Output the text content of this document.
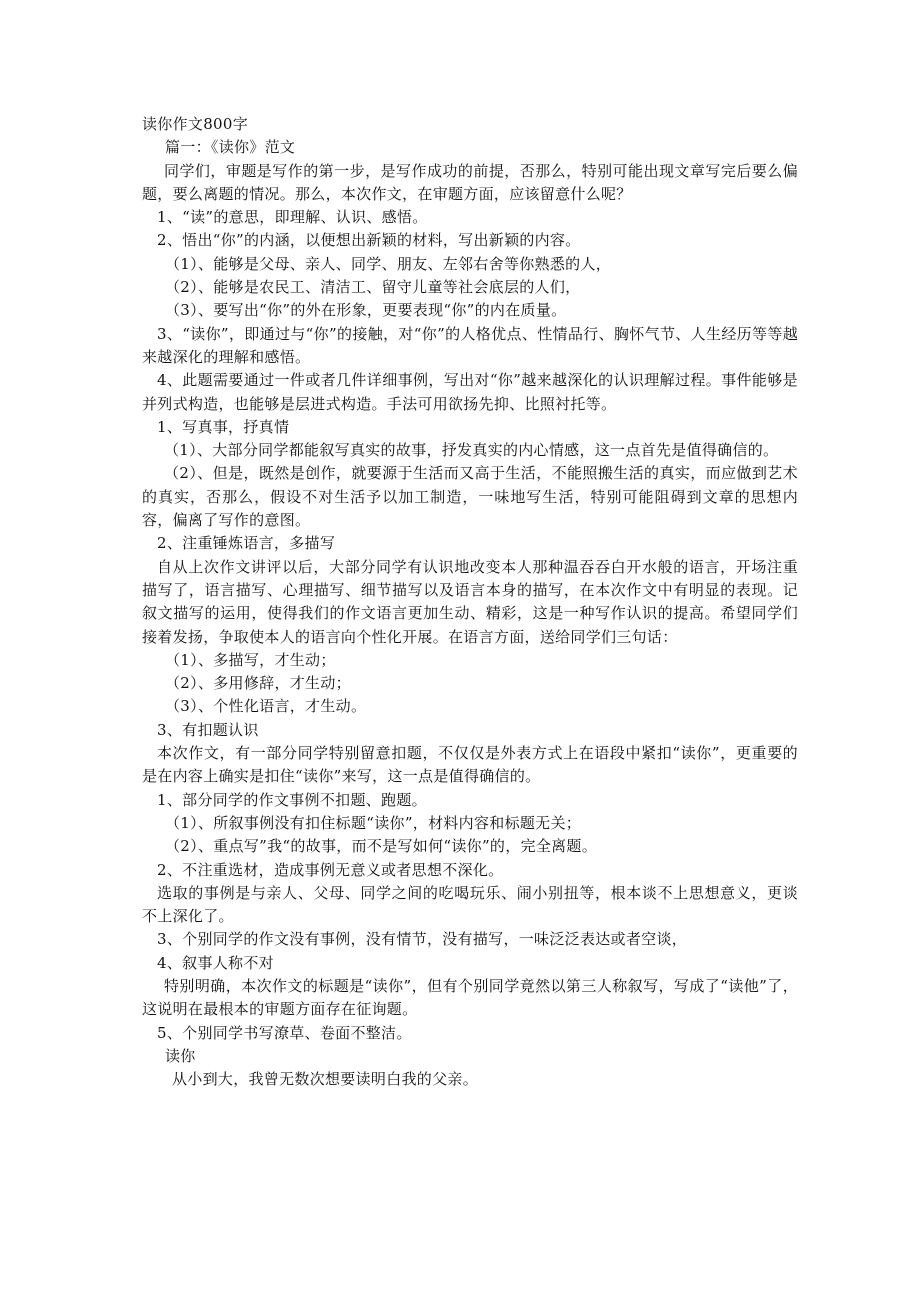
读你作文800字

篇一：《读你》范文

同学们，审题是写作的第一步，是写作成功的前提，否那么，特别可能出现文章写完后要么偏题，要么离题的情况。那么，本次作文，在审题方面，应该留意什么呢？

1、“读”的意思，即理解、认识、感悟。

2、悟出“你”的内涵，以便想出新颖的材料，写出新颖的内容。

（1）、能够是父母、亲人、同学、朋友、左邻右舍等你熟悉的人，

（2）、能够是农民工、清洁工、留守儿童等社会底层的人们，

（3）、要写出“你”的外在形象，更要表现“你”的内在质量。

3、“读你”，即通过与“你”的接触，对“你”的人格优点、性情品行、胸怀气节、人生经历等等越来越深化的理解和感悟。

4、此题需要通过一件或者几件详细事例，写出对“你”越来越深化的认识理解过程。事件能够是并列式构造，也能够是层进式构造。手法可用欲扬先抑、比照衬托等。

1、写真事，抒真情

（1）、大部分同学都能叙写真实的故事，抒发真实的内心情感，这一点首先是值得确信的。

（2）、但是，既然是创作，就要源于生活而又高于生活，不能照搬生活的真实，而应做到艺术的真实，否那么，假设不对生活予以加工制造，一味地写生活，特别可能阻碍到文章的思想内容，偏离了写作的意图。

2、注重锤炼语言，多描写

自从上次作文讲评以后，大部分同学有认识地改变本人那种温吞吞白开水般的语言，开场注重描写了，语言描写、心理描写、细节描写以及语言本身的描写，在本次作文中有明显的表现。记叙文描写的运用，使得我们的作文语言更加生动、精彩，这是一种写作认识的提高。希望同学们接着发扬，争取使本人的语言向个性化开展。在语言方面，送给同学们三句话：

（1）、多描写，才生动；

（2）、多用修辞，才生动；

（3）、个性化语言，才生动。

3、有扣题认识

本次作文，有一部分同学特别留意扣题，不仅仅是外表方式上在语段中紧扣“读你”，更重要的是在内容上确实是扣住“读你”来写，这一点是值得确信的。

1、部分同学的作文事例不扣题、跑题。

（1）、所叙事例没有扣住标题“读你”，材料内容和标题无关；

（2）、重点写”我“的故事，而不是写如何“读你”的，完全离题。

2、不注重选材，造成事例无意义或者思想不深化。

选取的事例是与亲人、父母、同学之间的吃喝玩乐、闹小别扭等，根本谈不上思想意义，更谈不上深化了。

3、个别同学的作文没有事例，没有情节，没有描写，一味泛泛表达或者空谈，

4、叙事人称不对

特别明确，本次作文的标题是“读你”，但有个别同学竟然以第三人称叙写，写成了“读他”了，这说明在最根本的审题方面存在征询题。

5、个别同学书写潦草、卷面不整洁。

读你

从小到大，我曾无数次想要读明白我的父亲。
